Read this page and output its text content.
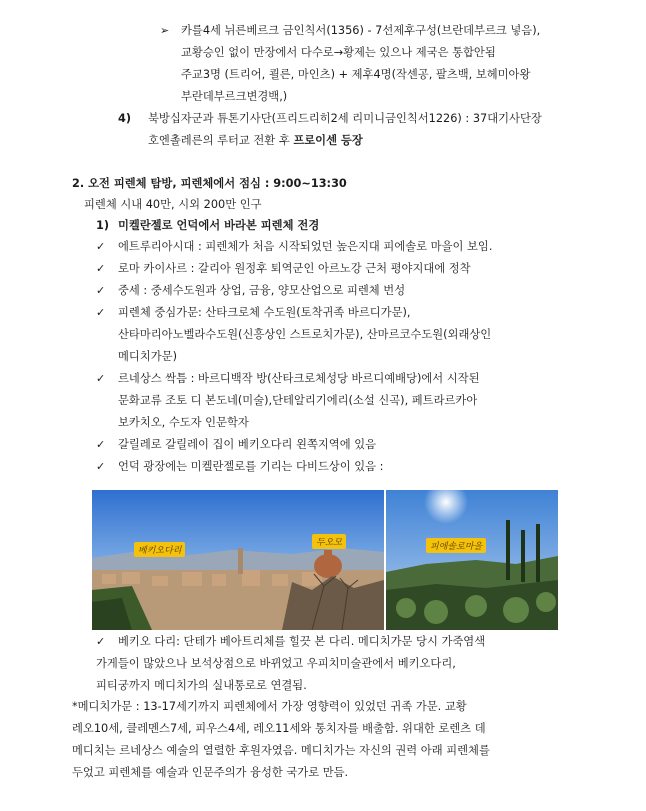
➢ 카를4세 뉘른베르크 금인칙서(1356) - 7선제후구성(브란데부르크 넣음),
교황승인 없이 만장에서 다수로→황제는 있으나 제국은 통합안됨
주교3명 (트리어, 쾰른, 마인츠) + 제후4명(작센공, 팔츠백, 보헤미아왕
부란데부르크변경백,)
4) 북방십자군과 튜톤기사단(프리드리히2세 리미니금인칙서1226) : 37대기사단장
호엔촐레른의 루터교 전환 후 프로이센 등장
2. 오전 피렌체 탐방, 피렌체에서 점심 : 9:00~13:30
피렌체 시내 40만, 시외 200만 인구
1) 미켈란젤로 언덕에서 바라본 피렌체 전경
✓ 에트루리아시대 : 피렌체가 처음 시작되었던 높은지대 피에솔로 마을이 보임.
✓ 로마 카이사르 : 갈리아 원정후 퇴역군인 아르노강 근처 평야지대에 정착
✓ 중세 : 중세수도원과 상업, 금융, 양모산업으로 피렌체 번성
✓ 피렌체 중심가문: 산타크로체 수도원(토착귀족 바르디가문),
산타마리아노벨라수도원(신흥상인 스트로치가문), 산마르코수도원(외래상인
메디치가문)
✓ 르네상스 싹틈 : 바르디백작 방(산타크로체성당 바르디예배당)에서 시작된
문화교류 조토 디 본도네(미술),단테알리기에리(소설 신곡), 페트라르카아
보카치오, 수도자 인문학자
✓ 갈릴레로 갈릴레이 집이 베키오다리 왼쪽지역에 있음
✓ 언덕 광장에는 미켈란젤로를 기리는 다비드상이 있음 :
베키오다리
두오모	피에솔로마을
✓ 베키오 다리: 단테가 베아트리체를 힐끗 본 다리. 메디치가문 당시 가죽염색
가게들이 많았으나 보석상점으로 바뀌었고 우피치미술관에서 베키오다리,
피티궁까지 메디치가의 실내통로로 연결됨.
*메디치가문 : 13-17세기까지 피렌체에서 가장 영향력이 있었던 귀족 가문. 교황
레오10세, 클레멘스7세, 피우스4세, 레오11세와 통치자를 배출함. 위대한 로렌츠 데
메디치는 르네상스 예술의 열렬한 후원자였음. 메디치가는 자신의 권력 아래 피렌체를
두었고 피렌체를 예술과 인문주의가 융성한 국가로 만듬.
